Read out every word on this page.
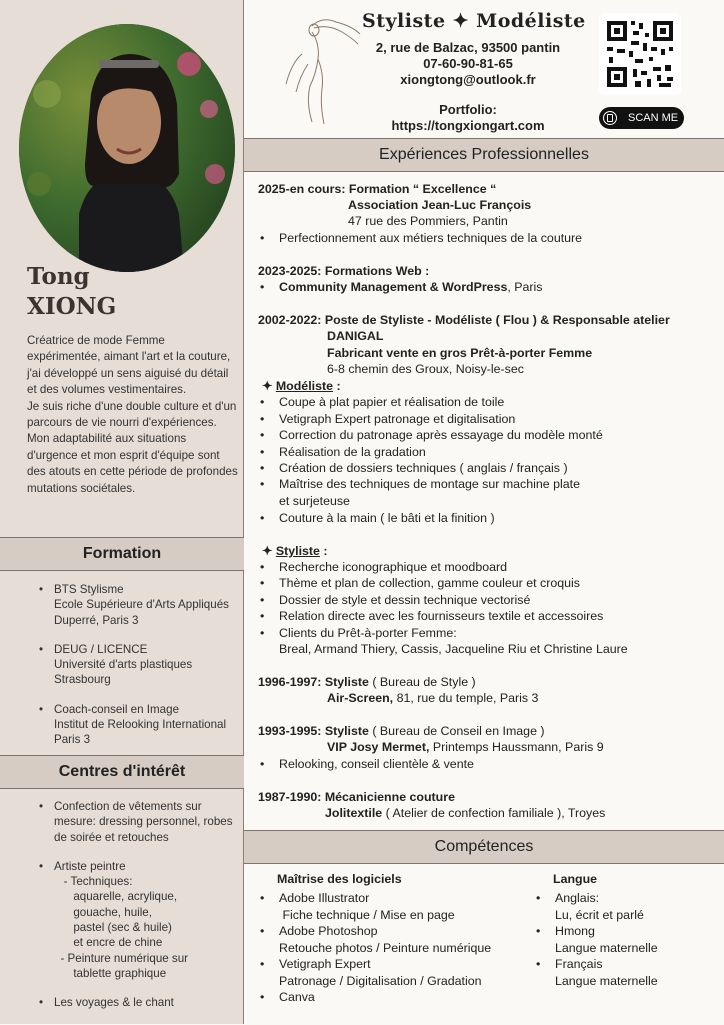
Tong
XIONG
Créatrice de mode Femme expérimentée, aimant l'art et la couture, j'ai développé un sens aiguisé du détail et des volumes vestimentaires.
Je suis riche d'une double culture et d'un parcours de vie nourri d'expériences. Mon adaptabilité aux situations d'urgence et mon esprit d'équipe sont des atouts en cette période de profondes mutations sociétales.
Formation
• BTS Stylisme
Ecole Supérieure d'Arts Appliqués Duperré, Paris 3
• DEUG / LICENCE
Université d'arts plastiques Strasbourg
• Coach-conseil en Image
Institut de Relooking International Paris 3
Centres d'intérêt
• Confection de vêtements sur mesure: dressing personnel, robes de soirée et retouches
• Artiste peintre
- Techniques:
aquarelle, acrylique,
gouache, huile,
pastel (sec & huile)
et encre de chine
- Peinture numérique sur
tablette graphique
• Les voyages & le chant
Styliste ✦ Modéliste
2, rue de Balzac, 93500 pantin
07-60-90-81-65
xiongtong@outlook.fr
Portfolio:
https://tongxiongart.com	SCAN ME
Expériences Professionnelles
2025-en cours: Formation “ Excellence “
Association Jean-Luc François
47 rue des Pommiers, Pantin
• Perfectionnement aux métiers techniques de la couture
2023-2025: Formations Web :
• Community Management & WordPress, Paris
2002-2022: Poste de Styliste - Modéliste ( Flou ) & Responsable atelier
DANIGAL
Fabricant vente en gros Prêt-à-porter Femme
6-8 chemin des Groux, Noisy-le-sec
✦ Modéliste :
• Coupe à plat papier et réalisation de toile
• Vetigraph Expert patronage et digitalisation
• Correction du patronage après essayage du modèle monté
• Réalisation de la gradation
• Création de dossiers techniques ( anglais / français )
• Maîtrise des techniques de montage sur machine plate
et surjeteuse
• Couture à la main ( le bâti et la finition )
✦ Styliste :
• Recherche iconographique et moodboard
• Thème et plan de collection, gamme couleur et croquis
• Dossier de style et dessin technique vectorisé
• Relation directe avec les fournisseurs textile et accessoires
• Clients du Prêt-à-porter Femme:
Breal, Armand Thiery, Cassis, Jacqueline Riu et Christine Laure
1996-1997: Styliste ( Bureau de Style )
Air-Screen, 81, rue du temple, Paris 3
1993-1995: Styliste ( Bureau de Conseil en Image )
VIP Josy Mermet, Printemps Haussmann, Paris 9
• Relooking, conseil clientèle & vente
1987-1990: Mécanicienne couture
Jolitextile ( Atelier de confection familiale ), Troyes
Compétences
Maîtrise des logiciels
• Adobe Illustrator
Fiche technique / Mise en page
• Adobe Photoshop
Retouche photos / Peinture numérique
• Vetigraph Expert
Patronage / Digitalisation / Gradation
• Canva
Langue
• Anglais:
Lu, écrit et parlé
• Hmong
Langue maternelle
• Français
Langue maternelle
